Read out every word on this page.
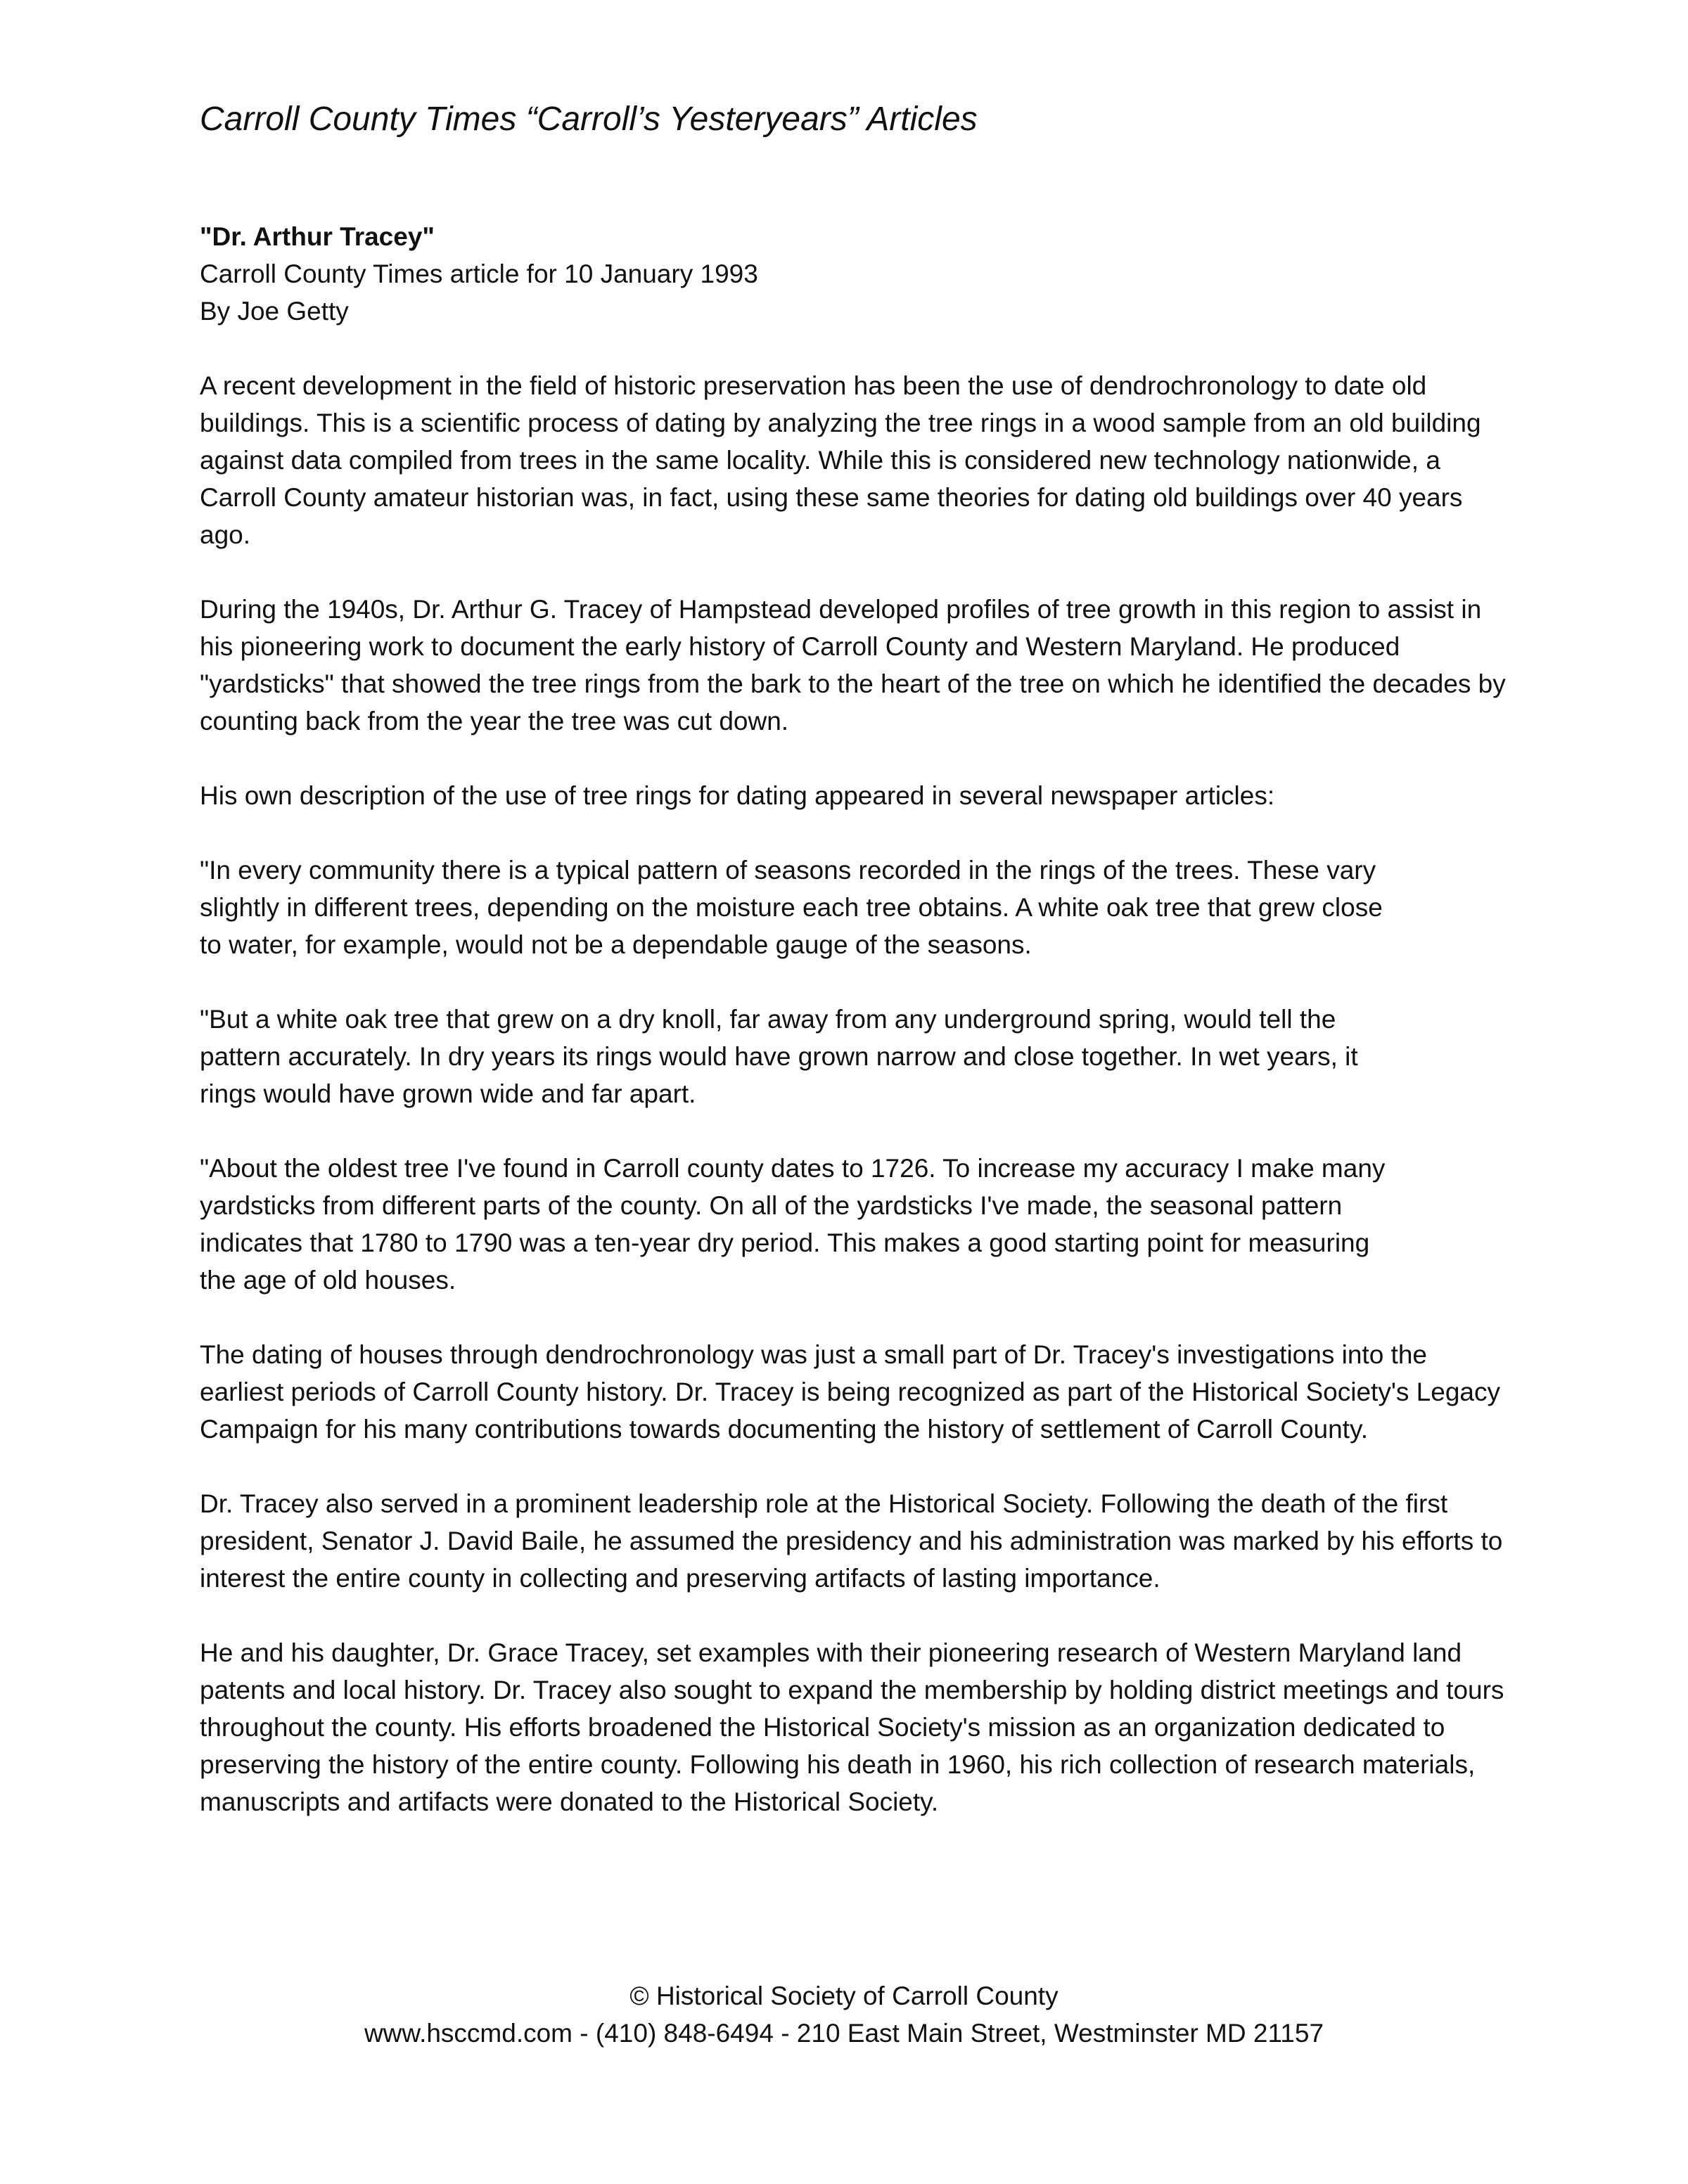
Carroll County Times “Carroll’s Yesteryears” Articles
"Dr. Arthur Tracey"
Carroll County Times article for 10 January 1993
By Joe Getty

A recent development in the field of historic preservation has been the use of dendrochronology to date old buildings. This is a scientific process of dating by analyzing the tree rings in a wood sample from an old building against data compiled from trees in the same locality. While this is considered new technology nationwide, a Carroll County amateur historian was, in fact, using these same theories for dating old buildings over 40 years ago.

During the 1940s, Dr. Arthur G. Tracey of Hampstead developed profiles of tree growth in this region to assist in his pioneering work to document the early history of Carroll County and Western Maryland. He produced "yardsticks" that showed the tree rings from the bark to the heart of the tree on which he identified the decades by counting back from the year the tree was cut down.

His own description of the use of tree rings for dating appeared in several newspaper articles:

"In every community there is a typical pattern of seasons recorded in the rings of the trees. These vary slightly in different trees, depending on the moisture each tree obtains. A white oak tree that grew close to water, for example, would not be a dependable gauge of the seasons.

"But a white oak tree that grew on a dry knoll, far away from any underground spring, would tell the pattern accurately. In dry years its rings would have grown narrow and close together. In wet years, it rings would have grown wide and far apart.

"About the oldest tree I've found in Carroll county dates to 1726. To increase my accuracy I make many yardsticks from different parts of the county. On all of the yardsticks I've made, the seasonal pattern indicates that 1780 to 1790 was a ten-year dry period. This makes a good starting point for measuring the age of old houses.

The dating of houses through dendrochronology was just a small part of Dr. Tracey's investigations into the earliest periods of Carroll County history. Dr. Tracey is being recognized as part of the Historical Society's Legacy Campaign for his many contributions towards documenting the history of settlement of Carroll County.

Dr. Tracey also served in a prominent leadership role at the Historical Society. Following the death of the first president, Senator J. David Baile, he assumed the presidency and his administration was marked by his efforts to interest the entire county in collecting and preserving artifacts of lasting importance.

He and his daughter, Dr. Grace Tracey, set examples with their pioneering research of Western Maryland land patents and local history. Dr. Tracey also sought to expand the membership by holding district meetings and tours throughout the county. His efforts broadened the Historical Society's mission as an organization dedicated to preserving the history of the entire county. Following his death in 1960, his rich collection of research materials, manuscripts and artifacts were donated to the Historical Society.

© Historical Society of Carroll County
www.hsccmd.com - (410) 848-6494 - 210 East Main Street, Westminster MD 21157
